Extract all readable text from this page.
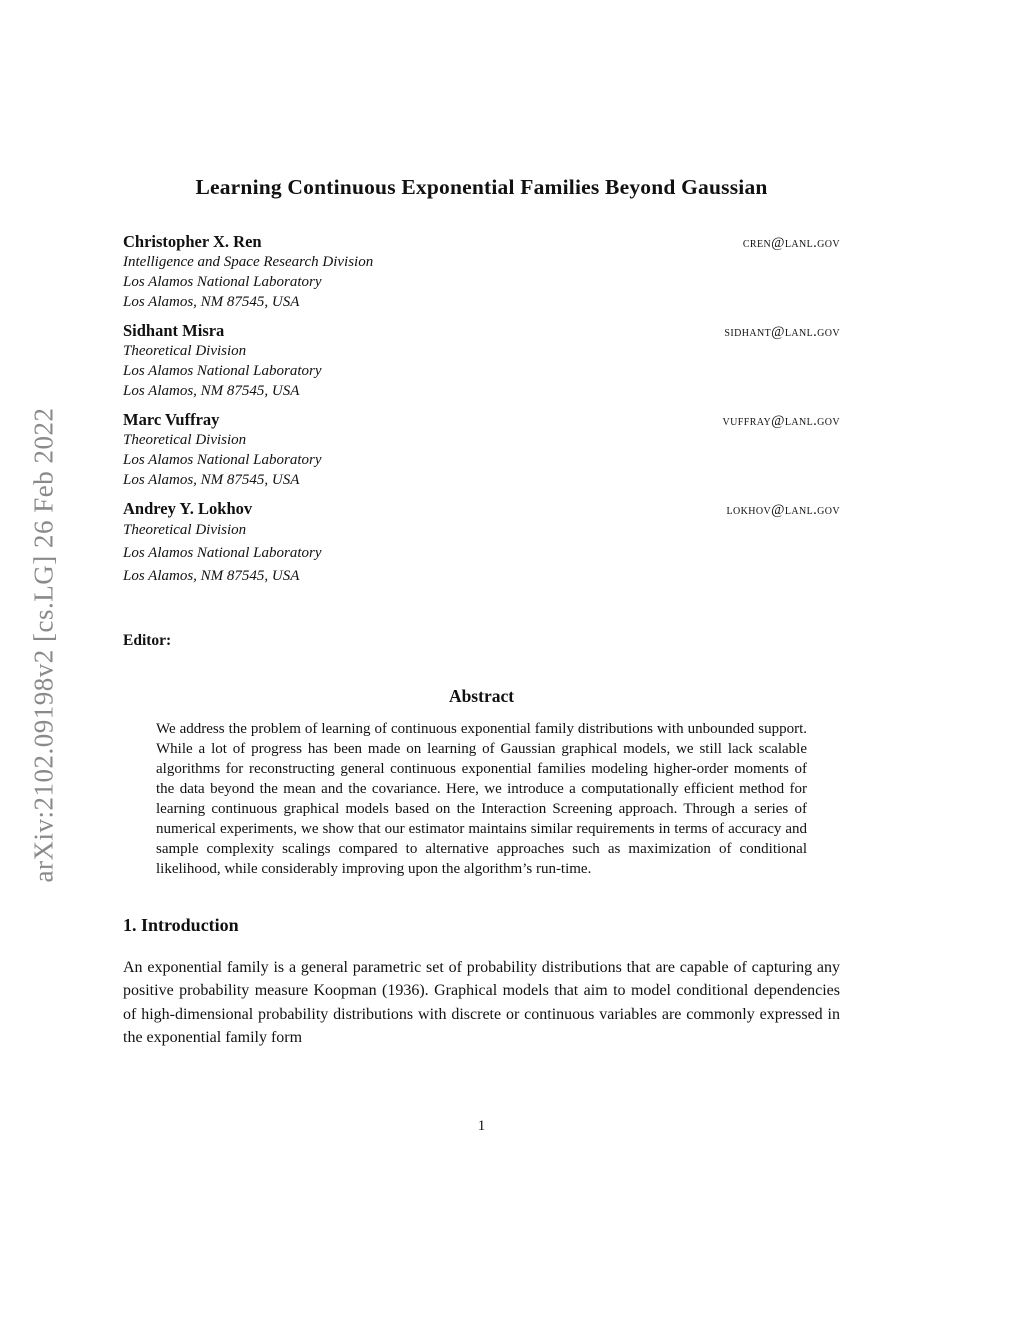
arXiv:2102.09198v2 [cs.LG] 26 Feb 2022
Learning Continuous Exponential Families Beyond Gaussian
Christopher X. Ren	cren@lanl.gov
Intelligence and Space Research Division
Los Alamos National Laboratory
Los Alamos, NM 87545, USA
Sidhant Misra	sidhant@lanl.gov
Theoretical Division
Los Alamos National Laboratory
Los Alamos, NM 87545, USA
Marc Vuffray	vuffray@lanl.gov
Theoretical Division
Los Alamos National Laboratory
Los Alamos, NM 87545, USA
Andrey Y. Lokhov	lokhov@lanl.gov
Theoretical Division
Los Alamos National Laboratory
Los Alamos, NM 87545, USA
Editor:
Abstract
We address the problem of learning of continuous exponential family distributions with unbounded support. While a lot of progress has been made on learning of Gaussian graphical models, we still lack scalable algorithms for reconstructing general continuous exponential families modeling higher-order moments of the data beyond the mean and the covariance. Here, we introduce a computationally efficient method for learning continuous graphical models based on the Interaction Screening approach. Through a series of numerical experiments, we show that our estimator maintains similar requirements in terms of accuracy and sample complexity scalings compared to alternative approaches such as maximization of conditional likelihood, while considerably improving upon the algorithm’s run-time.
1. Introduction
An exponential family is a general parametric set of probability distributions that are capable of capturing any positive probability measure Koopman (1936). Graphical models that aim to model conditional dependencies of high-dimensional probability distributions with discrete or continuous variables are commonly expressed in the exponential family form
1
